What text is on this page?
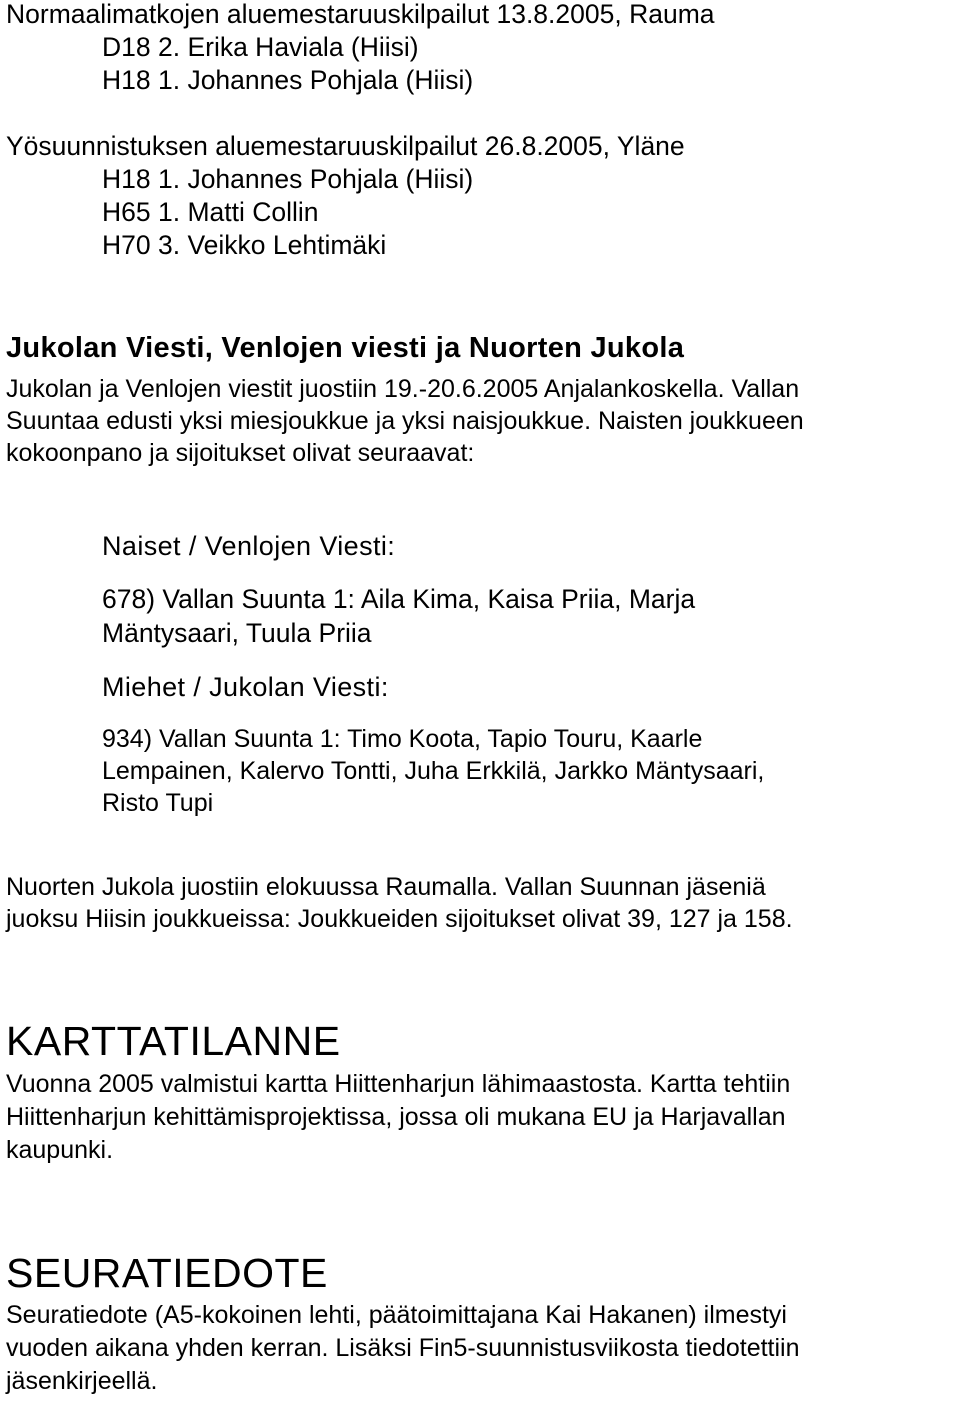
Normaalimatkojen aluemestaruuskilpailut 13.8.2005, Rauma

D18 2. Erika Haviala (Hiisi)

H18 1. Johannes Pohjala (Hiisi)

Yösuunnistuksen aluemestaruuskilpailut 26.8.2005, Yläne

H18 1. Johannes Pohjala (Hiisi)

H65 1. Matti Collin

H70 3. Veikko Lehtimäki

Jukolan Viesti, Venlojen viesti ja Nuorten Jukola

Jukolan ja Venlojen viestit juostiin 19.-20.6.2005 Anjalankoskella. Vallan

Suuntaa edusti yksi miesjoukkue ja yksi naisjoukkue. Naisten joukkueen

kokoonpano ja sijoitukset olivat seuraavat:

Naiset / Venlojen Viesti:

678) Vallan Suunta 1: Aila Kima, Kaisa Priia, Marja

Mäntysaari, Tuula Priia

Miehet / Jukolan Viesti:

934) Vallan Suunta 1: Timo Koota, Tapio Touru, Kaarle

Lempainen, Kalervo Tontti, Juha Erkkilä, Jarkko Mäntysaari,

Risto Tupi

Nuorten Jukola juostiin elokuussa Raumalla. Vallan Suunnan jäseniä

juoksu Hiisin joukkueissa: Joukkueiden sijoitukset olivat 39, 127 ja 158.

KARTTATILANNE

Vuonna 2005 valmistui kartta Hiittenharjun lähimaastosta. Kartta tehtiin

Hiittenharjun kehittämisprojektissa, jossa oli mukana EU ja Harjavallan

kaupunki.

SEURATIEDOTE

Seuratiedote (A5-kokoinen lehti, päätoimittajana Kai Hakanen) ilmestyi

vuoden aikana yhden kerran. Lisäksi Fin5-suunnistusviikosta tiedotettiin

jäsenkirjeellä.
